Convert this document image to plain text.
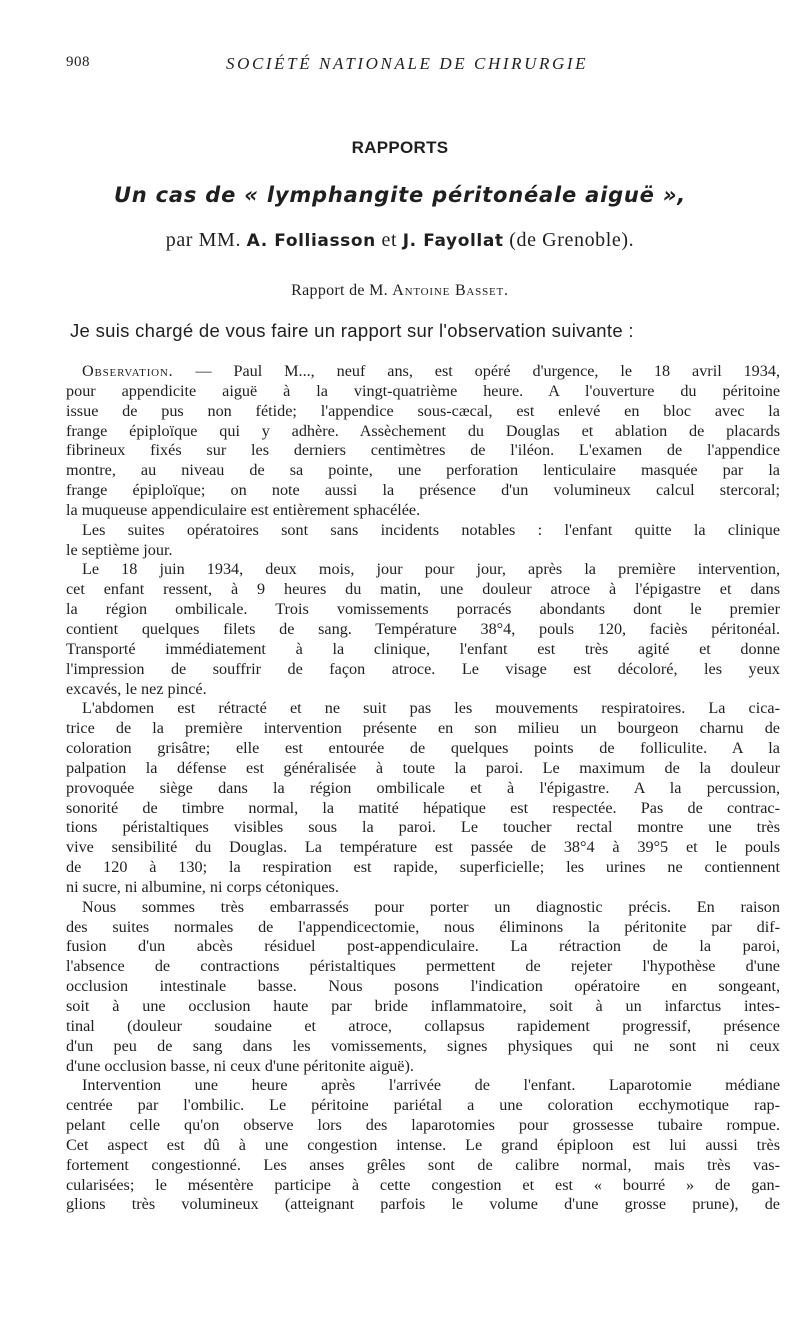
908	SOCIÉTÉ NATIONALE DE CHIRURGIE
RAPPORTS
Un cas de « lymphangite péritonéale aiguë »,
par MM. A. Folliasson et J. Fayollat (de Grenoble).
Rapport de M. Antoine Basset.
Je suis chargé de vous faire un rapport sur l'observation suivante :
Observation. — Paul M..., neuf ans, est opéré d'urgence, le 18 avril 1934,
pour appendicite aiguë à la vingt-quatrième heure. A l'ouverture du péritoine
issue de pus non fétide; l'appendice sous-cæcal, est enlevé en bloc avec la
frange épiploïque qui y adhère. Assèchement du Douglas et ablation de placards
fibrineux fixés sur les derniers centimètres de l'iléon. L'examen de l'appendice
montre, au niveau de sa pointe, une perforation lenticulaire masquée par la
frange épiploïque; on note aussi la présence d'un volumineux calcul stercoral;
la muqueuse appendiculaire est entièrement sphacélée.
Les suites opératoires sont sans incidents notables : l'enfant quitte la clinique
le septième jour.
Le 18 juin 1934, deux mois, jour pour jour, après la première intervention,
cet enfant ressent, à 9 heures du matin, une douleur atroce à l'épigastre et dans
la région ombilicale. Trois vomissements porracés abondants dont le premier
contient quelques filets de sang. Température 38°4, pouls 120, faciès péritonéal.
Transporté immédiatement à la clinique, l'enfant est très agité et donne
l'impression de souffrir de façon atroce. Le visage est décoloré, les yeux
excavés, le nez pincé.
L'abdomen est rétracté et ne suit pas les mouvements respiratoires. La cica-
trice de la première intervention présente en son milieu un bourgeon charnu de
coloration grisâtre; elle est entourée de quelques points de folliculite. A la
palpation la défense est généralisée à toute la paroi. Le maximum de la douleur
provoquée siège dans la région ombilicale et à l'épigastre. A la percussion,
sonorité de timbre normal, la matité hépatique est respectée. Pas de contrac-
tions péristaltiques visibles sous la paroi. Le toucher rectal montre une très
vive sensibilité du Douglas. La température est passée de 38°4 à 39°5 et le pouls
de 120 à 130; la respiration est rapide, superficielle; les urines ne contiennent
ni sucre, ni albumine, ni corps cétoniques.
Nous sommes très embarrassés pour porter un diagnostic précis. En raison
des suites normales de l'appendicectomie, nous éliminons la péritonite par dif-
fusion d'un abcès résiduel post-appendiculaire. La rétraction de la paroi,
l'absence de contractions péristaltiques permettent de rejeter l'hypothèse d'une
occlusion intestinale basse. Nous posons l'indication opératoire en songeant,
soit à une occlusion haute par bride inflammatoire, soit à un infarctus intes-
tinal (douleur soudaine et atroce, collapsus rapidement progressif, présence
d'un peu de sang dans les vomissements, signes physiques qui ne sont ni ceux
d'une occlusion basse, ni ceux d'une péritonite aiguë).
Intervention une heure après l'arrivée de l'enfant. Laparotomie médiane
centrée par l'ombilic. Le péritoine pariétal a une coloration ecchymotique rap-
pelant celle qu'on observe lors des laparotomies pour grossesse tubaire rompue.
Cet aspect est dû à une congestion intense. Le grand épiploon est lui aussi très
fortement congestionné. Les anses grêles sont de calibre normal, mais très vas-
cularisées; le mésentère participe à cette congestion et est « bourré » de gan-
glions très volumineux (atteignant parfois le volume d'une grosse prune), de
